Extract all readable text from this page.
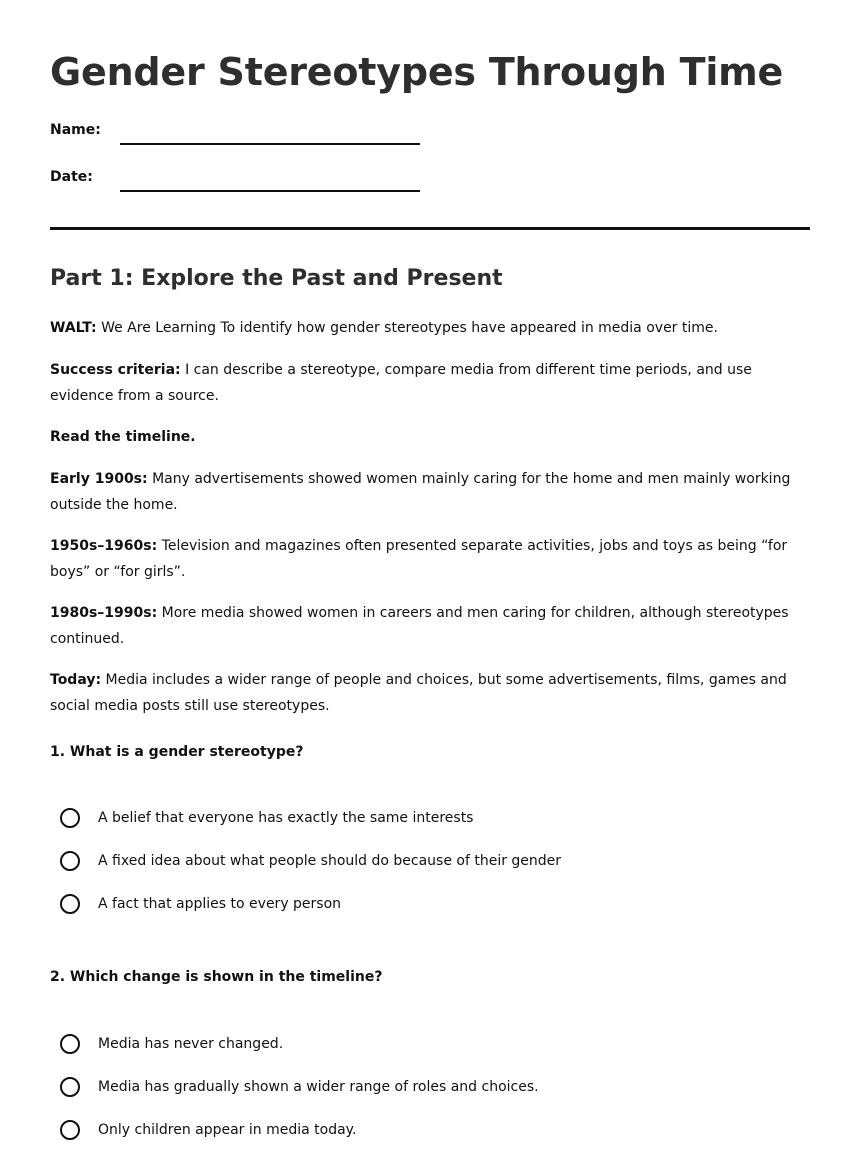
Gender Stereotypes Through Time
Name:
Date:
Part 1: Explore the Past and Present

WALT: We Are Learning To identify how gender stereotypes have appeared in media over time.

Success criteria: I can describe a stereotype, compare media from different time periods, and use evidence from a source.

Read the timeline.

Early 1900s: Many advertisements showed women mainly caring for the home and men mainly working outside the home.

1950s–1960s: Television and magazines often presented separate activities, jobs and toys as being “for boys” or “for girls”.

1980s–1990s: More media showed women in careers and men caring for children, although stereotypes continued.

Today: Media includes a wider range of people and choices, but some advertisements, films, games and social media posts still use stereotypes.

1. What is a gender stereotype?

A belief that everyone has exactly the same interests
A fixed idea about what people should do because of their gender
A fact that applies to every person

2. Which change is shown in the timeline?

Media has never changed.
Media has gradually shown a wider range of roles and choices.
Only children appear in media today.
